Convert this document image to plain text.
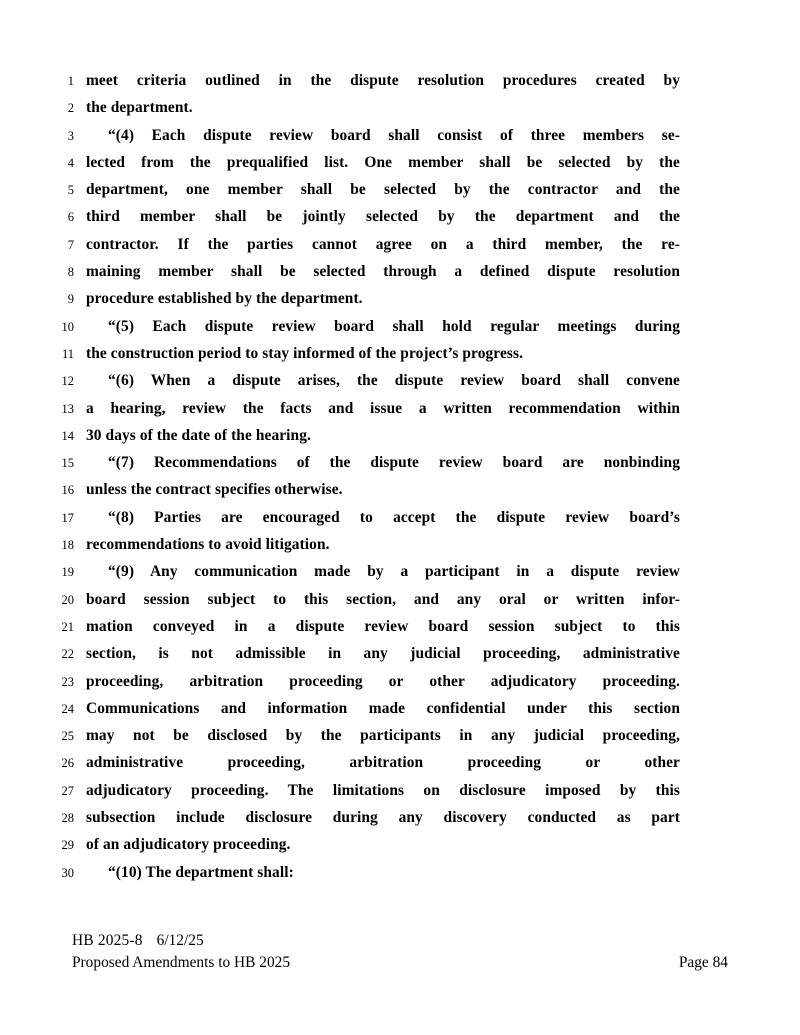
1 meet criteria outlined in the dispute resolution procedures created by
2 the department.
3	“(4) Each dispute review board shall consist of three members se-
4 lected from the prequalified list. One member shall be selected by the
5 department, one member shall be selected by the contractor and the
6 third member shall be jointly selected by the department and the
7 contractor. If the parties cannot agree on a third member, the re-
8 maining member shall be selected through a defined dispute resolution
9 procedure established by the department.
10	“(5) Each dispute review board shall hold regular meetings during
11 the construction period to stay informed of the project’s progress.
12	“(6) When a dispute arises, the dispute review board shall convene
13 a hearing, review the facts and issue a written recommendation within
14 30 days of the date of the hearing.
15	“(7) Recommendations of the dispute review board are nonbinding
16 unless the contract specifies otherwise.
17	“(8) Parties are encouraged to accept the dispute review board’s
18 recommendations to avoid litigation.
19	“(9) Any communication made by a participant in a dispute review
20 board session subject to this section, and any oral or written infor-
21 mation conveyed in a dispute review board session subject to this
22 section, is not admissible in any judicial proceeding, administrative
23 proceeding, arbitration proceeding or other adjudicatory proceeding.
24 Communications and information made confidential under this section
25 may not be disclosed by the participants in any judicial proceeding,
26 administrative proceeding, arbitration proceeding or other
27 adjudicatory proceeding. The limitations on disclosure imposed by this
28 subsection include disclosure during any discovery conducted as part
29 of an adjudicatory proceeding.
30	“(10) The department shall:
HB 2025-8 6/12/25
Proposed Amendments to HB 2025	Page 84
